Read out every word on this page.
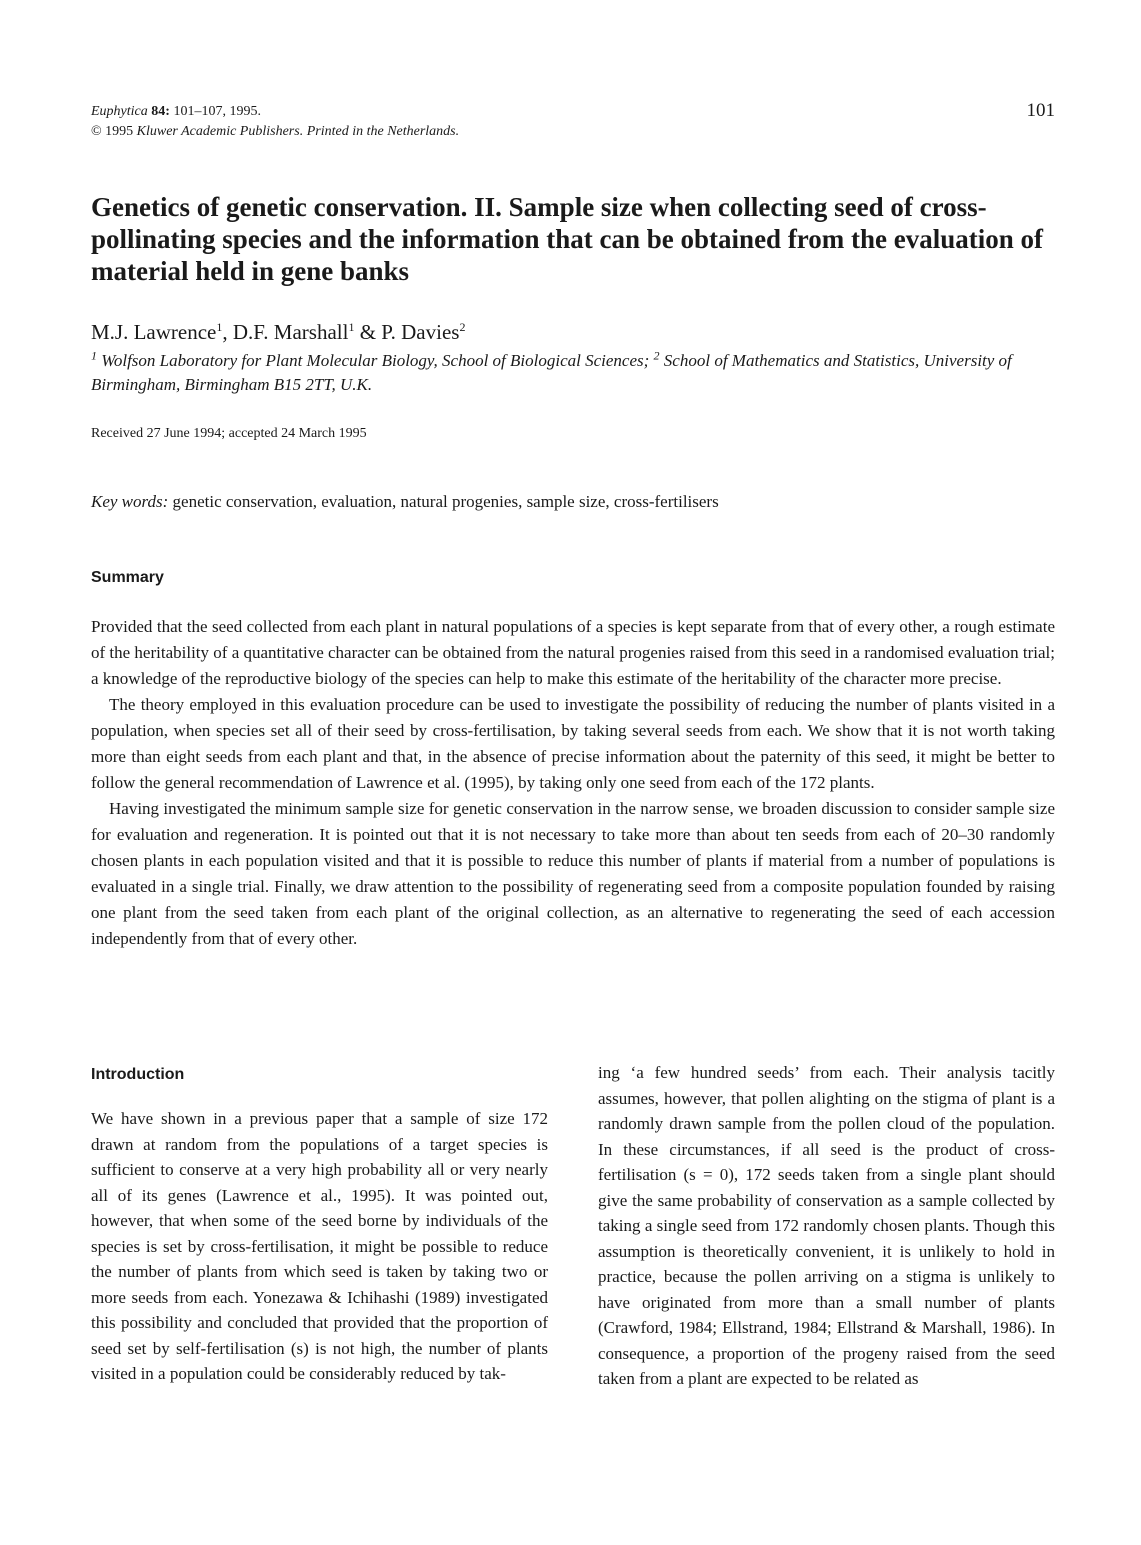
Euphytica 84: 101–107, 1995.
© 1995 Kluwer Academic Publishers. Printed in the Netherlands.
101
Genetics of genetic conservation. II. Sample size when collecting seed of cross-pollinating species and the information that can be obtained from the evaluation of material held in gene banks
M.J. Lawrence$^1$, D.F. Marshall$^1$ & P. Davies$^2$
$^1$ Wolfson Laboratory for Plant Molecular Biology, School of Biological Sciences; $^2$ School of Mathematics and Statistics, University of Birmingham, Birmingham B15 2TT, U.K.
Received 27 June 1994; accepted 24 March 1995
Key words: genetic conservation, evaluation, natural progenies, sample size, cross-fertilisers
Summary

Provided that the seed collected from each plant in natural populations of a species is kept separate from that of every other, a rough estimate of the heritability of a quantitative character can be obtained from the natural progenies raised from this seed in a randomised evaluation trial; a knowledge of the reproductive biology of the species can help to make this estimate of the heritability of the character more precise.

The theory employed in this evaluation procedure can be used to investigate the possibility of reducing the number of plants visited in a population, when species set all of their seed by cross-fertilisation, by taking several seeds from each. We show that it is not worth taking more than eight seeds from each plant and that, in the absence of precise information about the paternity of this seed, it might be better to follow the general recommendation of Lawrence et al. (1995), by taking only one seed from each of the 172 plants.

Having investigated the minimum sample size for genetic conservation in the narrow sense, we broaden discussion to consider sample size for evaluation and regeneration. It is pointed out that it is not necessary to take more than about ten seeds from each of 20–30 randomly chosen plants in each population visited and that it is possible to reduce this number of plants if material from a number of populations is evaluated in a single trial. Finally, we draw attention to the possibility of regenerating seed from a composite population founded by raising one plant from the seed taken from each plant of the original collection, as an alternative to regenerating the seed of each accession independently from that of every other.

Introduction

We have shown in a previous paper that a sample of size 172 drawn at random from the populations of a target species is sufficient to conserve at a very high probability all or very nearly all of its genes (Lawrence et al., 1995). It was pointed out, however, that when some of the seed borne by individuals of the species is set by cross-fertilisation, it might be possible to reduce the number of plants from which seed is taken by taking two or more seeds from each. Yonezawa & Ichihashi (1989) investigated this possibility and concluded that provided that the proportion of seed set by self-fertilisation (s) is not high, the number of plants visited in a population could be considerably reduced by tak-

ing ‘a few hundred seeds’ from each. Their analysis tacitly assumes, however, that pollen alighting on the stigma of plant is a randomly drawn sample from the pollen cloud of the population. In these circumstances, if all seed is the product of cross-fertilisation (s = 0), 172 seeds taken from a single plant should give the same probability of conservation as a sample collected by taking a single seed from 172 randomly chosen plants. Though this assumption is theoretically convenient, it is unlikely to hold in practice, because the pollen arriving on a stigma is unlikely to have originated from more than a small number of plants (Crawford, 1984; Ellstrand, 1984; Ellstrand & Marshall, 1986). In consequence, a proportion of the progeny raised from the seed taken from a plant are expected to be related as
